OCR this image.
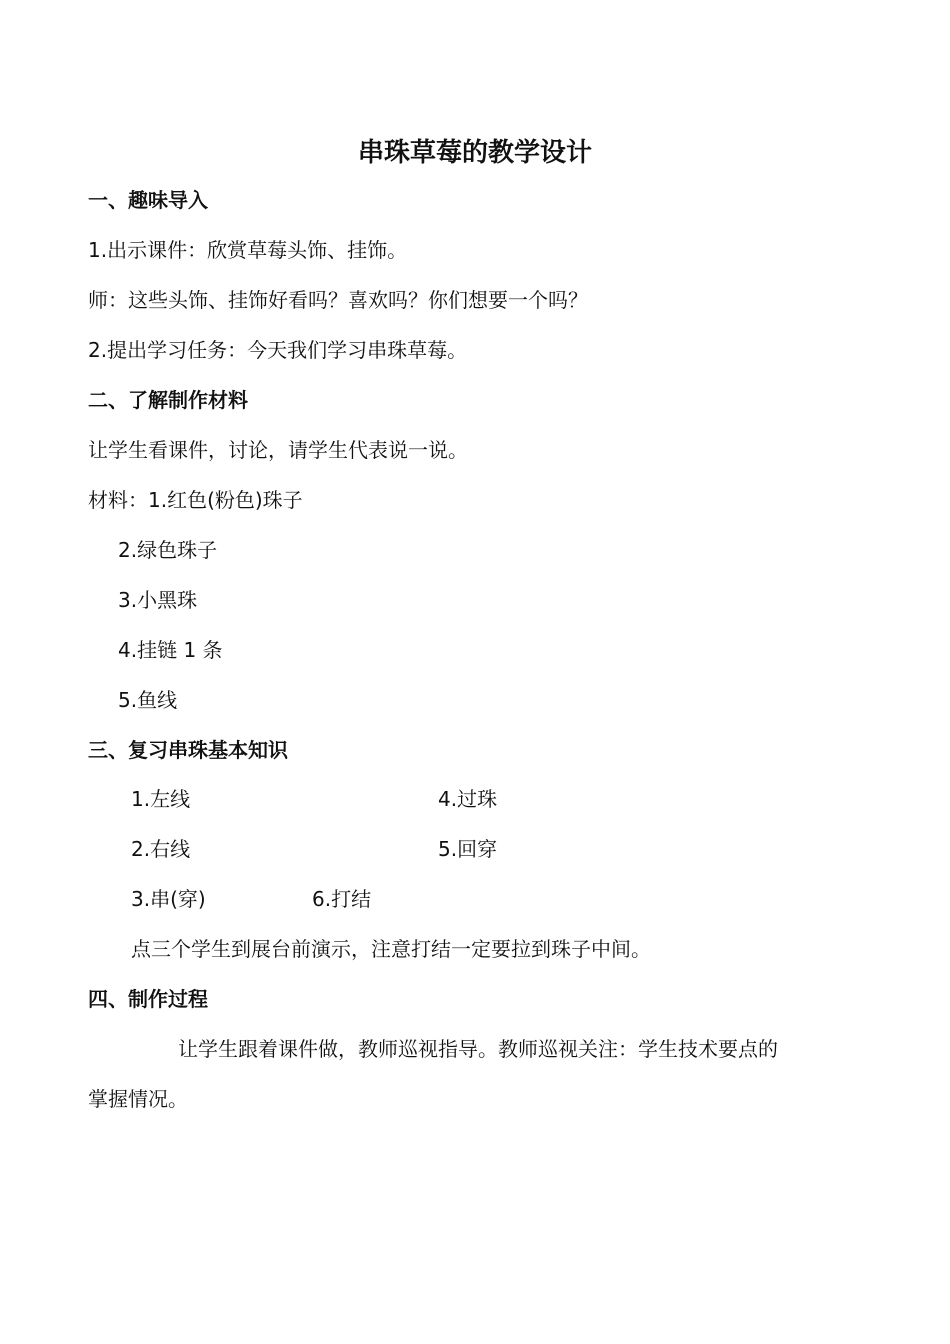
串珠草莓的教学设计
一、趣味导入
1.出示课件：欣赏草莓头饰、挂饰。
师：这些头饰、挂饰好看吗？喜欢吗？你们想要一个吗？
2.提出学习任务：今天我们学习串珠草莓。
二、了解制作材料
让学生看课件，讨论，请学生代表说一说。
材料：1.红色(粉色)珠子
2.绿色珠子
3.小黑珠
4.挂链 1 条
5.鱼线
三、复习串珠基本知识
1.左线	4.过珠
2.右线	5.回穿
3.串(穿)	6.打结
点三个学生到展台前演示，注意打结一定要拉到珠子中间。
四、制作过程
让学生跟着课件做，教师巡视指导。教师巡视关注：学生技术要点的
掌握情况。
